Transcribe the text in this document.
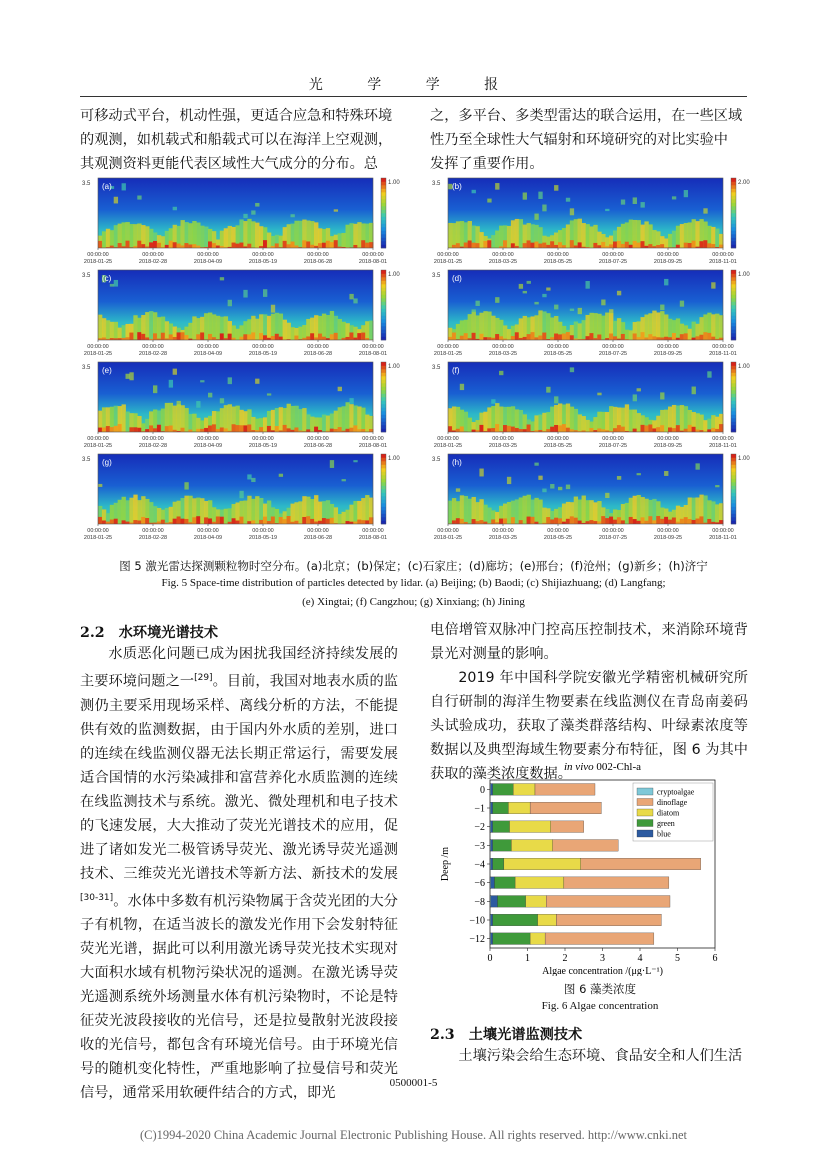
光 学 学 报

可移动式平台，机动性强，更适合应急和特殊环境

的观测，如机载式和船载式可以在海洋上空观测，

其观测资料更能代表区域性大气成分的分布。总

之，多平台、多类型雷达的联合运用，在一些区域

性乃至全球性大气辐射和环境研究的对比实验中

发挥了重要作用。

(a)
3.5	1.00
00:00:00
2018-01-25
00:00:00
2018-02-28
00:00:00
2018-04-09
00:00:00
2018-05-19
00:00:00
2018-06-28
00:00:00
2018-08-01
(b)
3.5	2.00
00:00:00
2018-01-25
00:00:00
2018-03-25
00:00:00
2018-05-25
00:00:00
2018-07-25
00:00:00
2018-09-25
00:00:00
2018-11-01
(c)
3.5	1.00
00:00:00
2018-01-25
00:00:00
2018-02-28
00:00:00
2018-04-09
00:00:00
2018-05-19
00:00:00
2018-06-28
00:00:00
2018-08-01
(d)
3.5	1.00
00:00:00
2018-01-25
00:00:00
2018-03-25
00:00:00
2018-05-25
00:00:00
2018-07-25
00:00:00
2018-09-25
00:00:00
2018-11-01
(e)
3.5	1.00
00:00:00
2018-01-25
00:00:00
2018-02-28
00:00:00
2018-04-09
00:00:00
2018-05-19
00:00:00
2018-06-28
00:00:00
2018-08-01
(f)
3.5	1.00
00:00:00
2018-01-25
00:00:00
2018-03-25
00:00:00
2018-05-25
00:00:00
2018-07-25
00:00:00
2018-09-25
00:00:00
2018-11-01
(g)
3.5	1.00
00:00:00
2018-01-25
00:00:00
2018-02-28
00:00:00
2018-04-09
00:00:00
2018-05-19
00:00:00
2018-06-28
00:00:00
2018-08-01
(h)
3.5	1.00
00:00:00
2018-01-25
00:00:00
2018-03-25
00:00:00
2018-05-25
00:00:00
2018-07-25
00:00:00
2018-09-25
00:00:00
2018-11-01
图 5 激光雷达探测颗粒物时空分布。(a)北京；(b)保定；(c)石家庄；(d)廊坊；(e)邢台；(f)沧州；(g)新乡；(h)济宁
Fig. 5 Space-time distribution of particles detected by lidar. (a) Beijing; (b) Baodi; (c) Shijiazhuang; (d) Langfang;
(e) Xingtai; (f) Cangzhou; (g) Xinxiang; (h) Jining
2.2 水环境光谱技术

水质恶化问题已成为困扰我国经济持续发展的主要环境问题之一[29]。目前，我国对地表水质的监测仍主要采用现场采样、离线分析的方法，不能提供有效的监测数据，由于国内外水质的差别，进口的连续在线监测仪器无法长期正常运行，需要发展适合国情的水污染减排和富营养化水质监测的连续在线监测技术与系统。激光、微处理机和电子技术的飞速发展，大大推动了荧光光谱技术的应用，促进了诸如发光二极管诱导荧光、激光诱导荧光遥测技术、三维荧光光谱技术等新方法、新技术的发展[30-31]。水体中多数有机污染物属于含荧光团的大分子有机物，在适当波长的激发光作用下会发射特征荧光光谱，据此可以利用激光诱导荧光技术实现对大面积水域有机物污染状况的遥测。在激光诱导荧光遥测系统外场测量水体有机污染物时，不论是特征荧光波段接收的光信号，还是拉曼散射光波段接收的光信号，都包含有环境光信号。由于环境光信号的随机变化特性，严重地影响了拉曼信号和荧光信号，通常采用软硬件结合的方式，即光

电倍增管双脉冲门控高压控制技术，来消除环境背景光对测量的影响。

2019 年中国科学院安徽光学精密机械研究所自行研制的海洋生物要素在线监测仪在青岛南姜码头试验成功，获取了藻类群落结构、叶绿素浓度等数据以及典型海域生物要素分布特征，图 6 为其中获取的藻类浓度数据。

in vivo 002-Chl-a
0
−1
−2
−3
−4
−6
−8
−10
−12
0	1	2	3	4	5	6
Algae concentration /(μg·L⁻¹)
Deep /m
cryptoalgae
dinoflage
diatom
green
blue
图 6 藻类浓度
Fig. 6 Algae concentration
2.3 土壤光谱监测技术
土壤污染会给生态环境、食品安全和人们生活
0500001-5
(C)1994-2020 China Academic Journal Electronic Publishing House. All rights reserved. http://www.cnki.net
